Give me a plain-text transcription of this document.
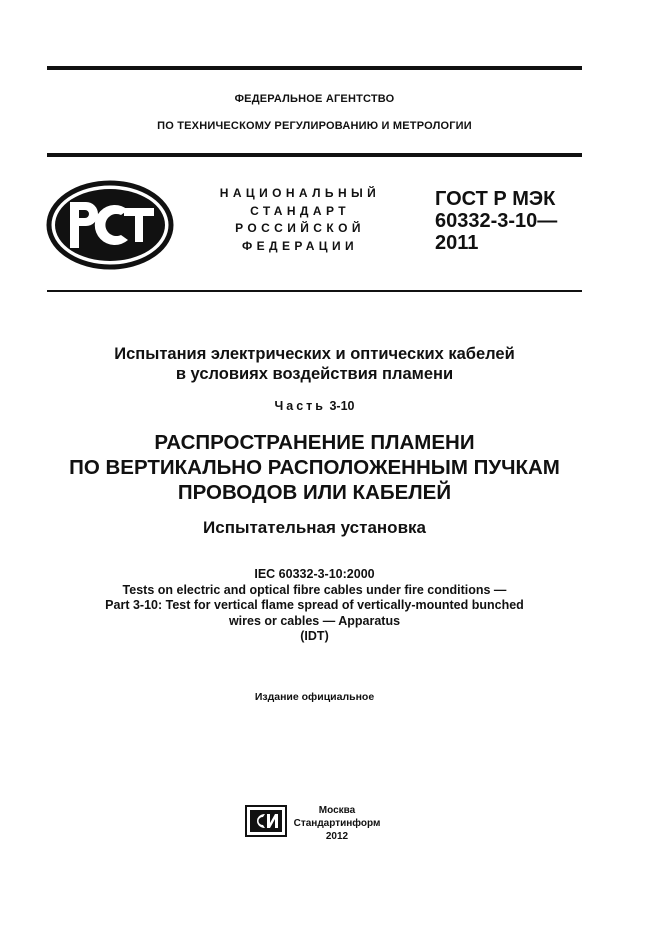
ФЕДЕРАЛЬНОЕ АГЕНТСТВО
ПО ТЕХНИЧЕСКОМУ РЕГУЛИРОВАНИЮ И МЕТРОЛОГИИ
НАЦИОНАЛЬНЫЙ
СТАНДАРТ
РОССИЙСКОЙ
ФЕДЕРАЦИИ
ГОСТ Р МЭК
60332-3-10—
2011
Испытания электрических и оптических кабелей
в условиях воздействия пламени
Часть 3-10
РАСПРОСТРАНЕНИЕ ПЛАМЕНИ
ПО ВЕРТИКАЛЬНО РАСПОЛОЖЕННЫМ ПУЧКАМ
ПРОВОДОВ ИЛИ КАБЕЛЕЙ
Испытательная установка
IEC 60332-3-10:2000
Tests on electric and optical fibre cables under fire conditions —
Part 3-10: Test for vertical flame spread of vertically-mounted bunched
wires or cables — Apparatus
(IDT)
Издание официальное
Москва
Стандартинформ
2012
